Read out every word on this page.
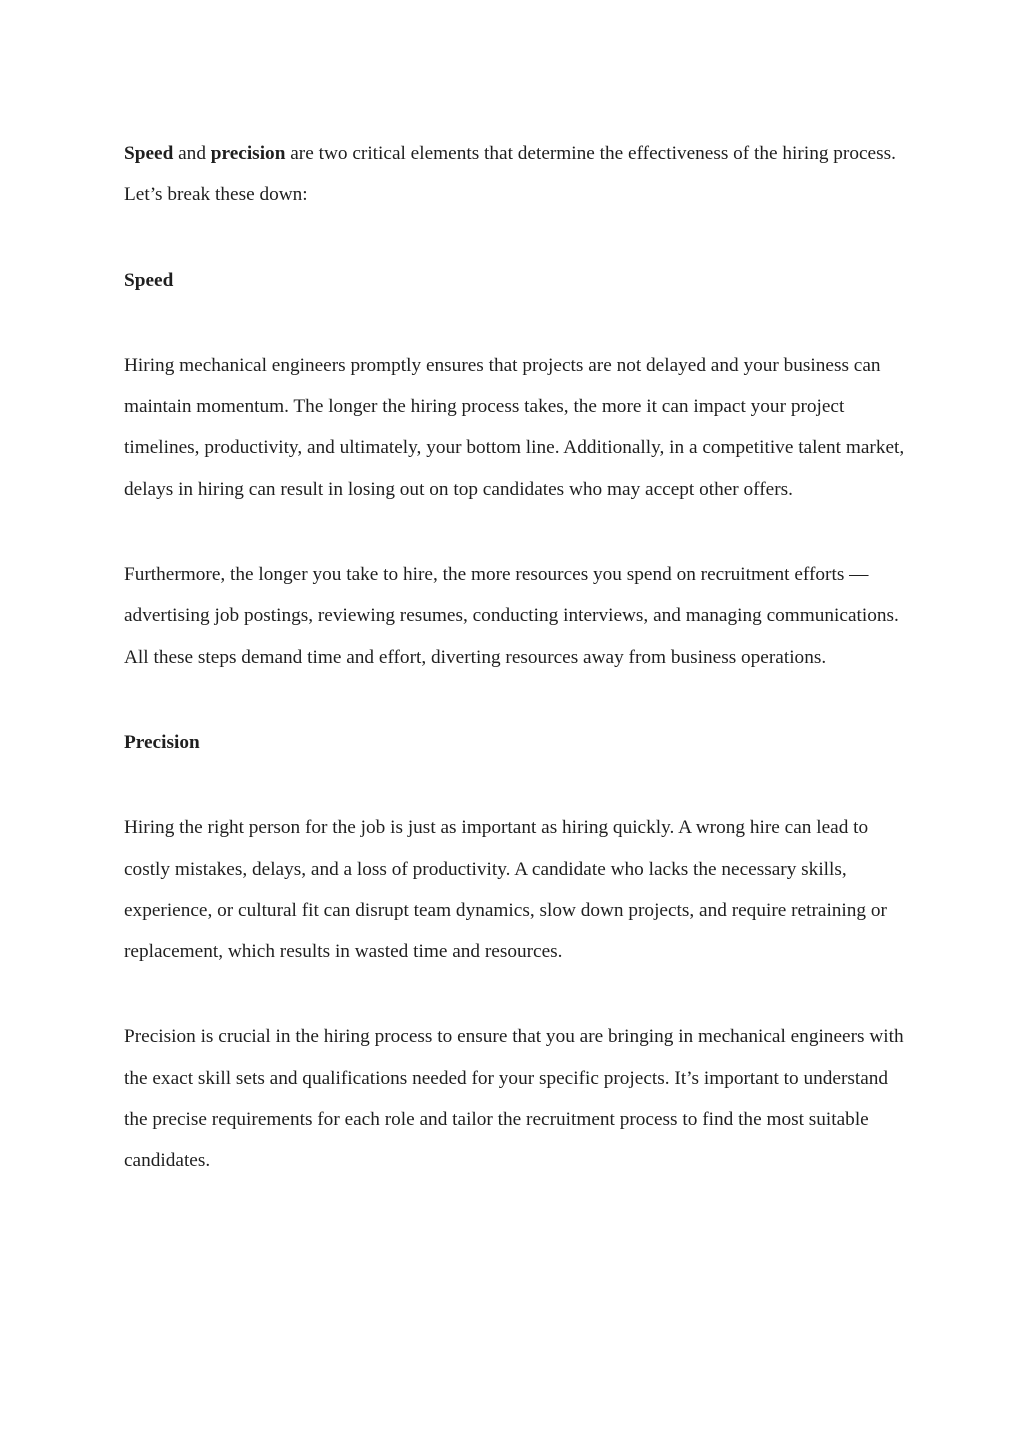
Speed and precision are two critical elements that determine the effectiveness of the hiring process. Let’s break these down:

Speed

Hiring mechanical engineers promptly ensures that projects are not delayed and your business can maintain momentum. The longer the hiring process takes, the more it can impact your project timelines, productivity, and ultimately, your bottom line. Additionally, in a competitive talent market, delays in hiring can result in losing out on top candidates who may accept other offers.

Furthermore, the longer you take to hire, the more resources you spend on recruitment efforts — advertising job postings, reviewing resumes, conducting interviews, and managing communications. All these steps demand time and effort, diverting resources away from business operations.

Precision

Hiring the right person for the job is just as important as hiring quickly. A wrong hire can lead to costly mistakes, delays, and a loss of productivity. A candidate who lacks the necessary skills, experience, or cultural fit can disrupt team dynamics, slow down projects, and require retraining or replacement, which results in wasted time and resources.

Precision is crucial in the hiring process to ensure that you are bringing in mechanical engineers with the exact skill sets and qualifications needed for your specific projects. It’s important to understand the precise requirements for each role and tailor the recruitment process to find the most suitable candidates.
